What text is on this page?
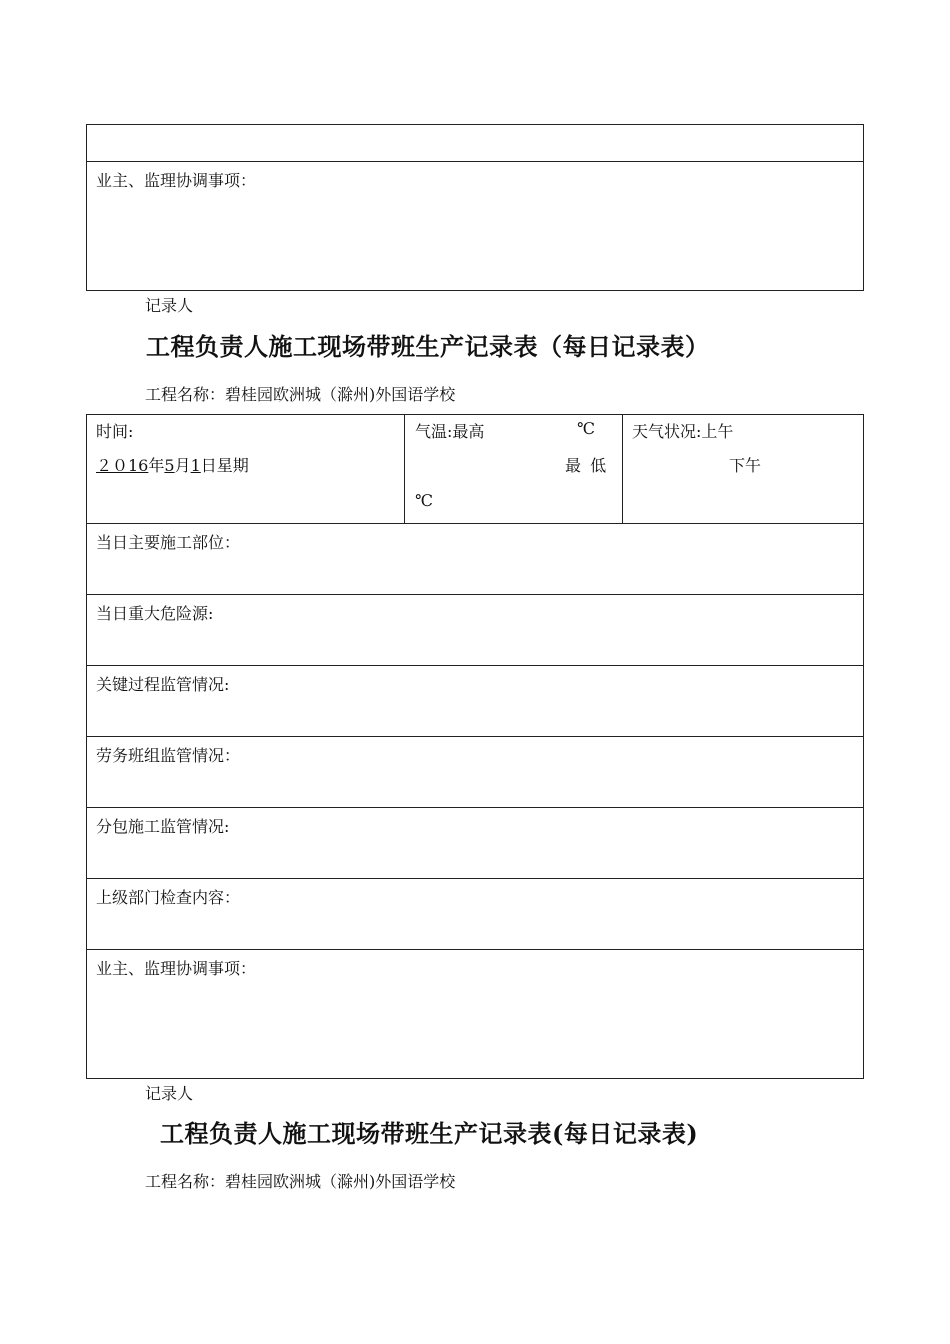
业主、监理协调事项：
记录人
工程负责人施工现场带班生产记录表（每日记录表）
工程名称：碧桂园欧洲城（滁州)外国语学校
时间:
２０16年5月1日星期
气温:最高	℃
最 低
℃
天气状况:上午
下午
当日主要施工部位：
当日重大危险源:
关键过程监管情况:
劳务班组监管情况：
分包施工监管情况:
上级部门检查内容：
业主、监理协调事项：
记录人
工程负责人施工现场带班生产记录表(每日记录表)
工程名称：碧桂园欧洲城（滁州)外国语学校
